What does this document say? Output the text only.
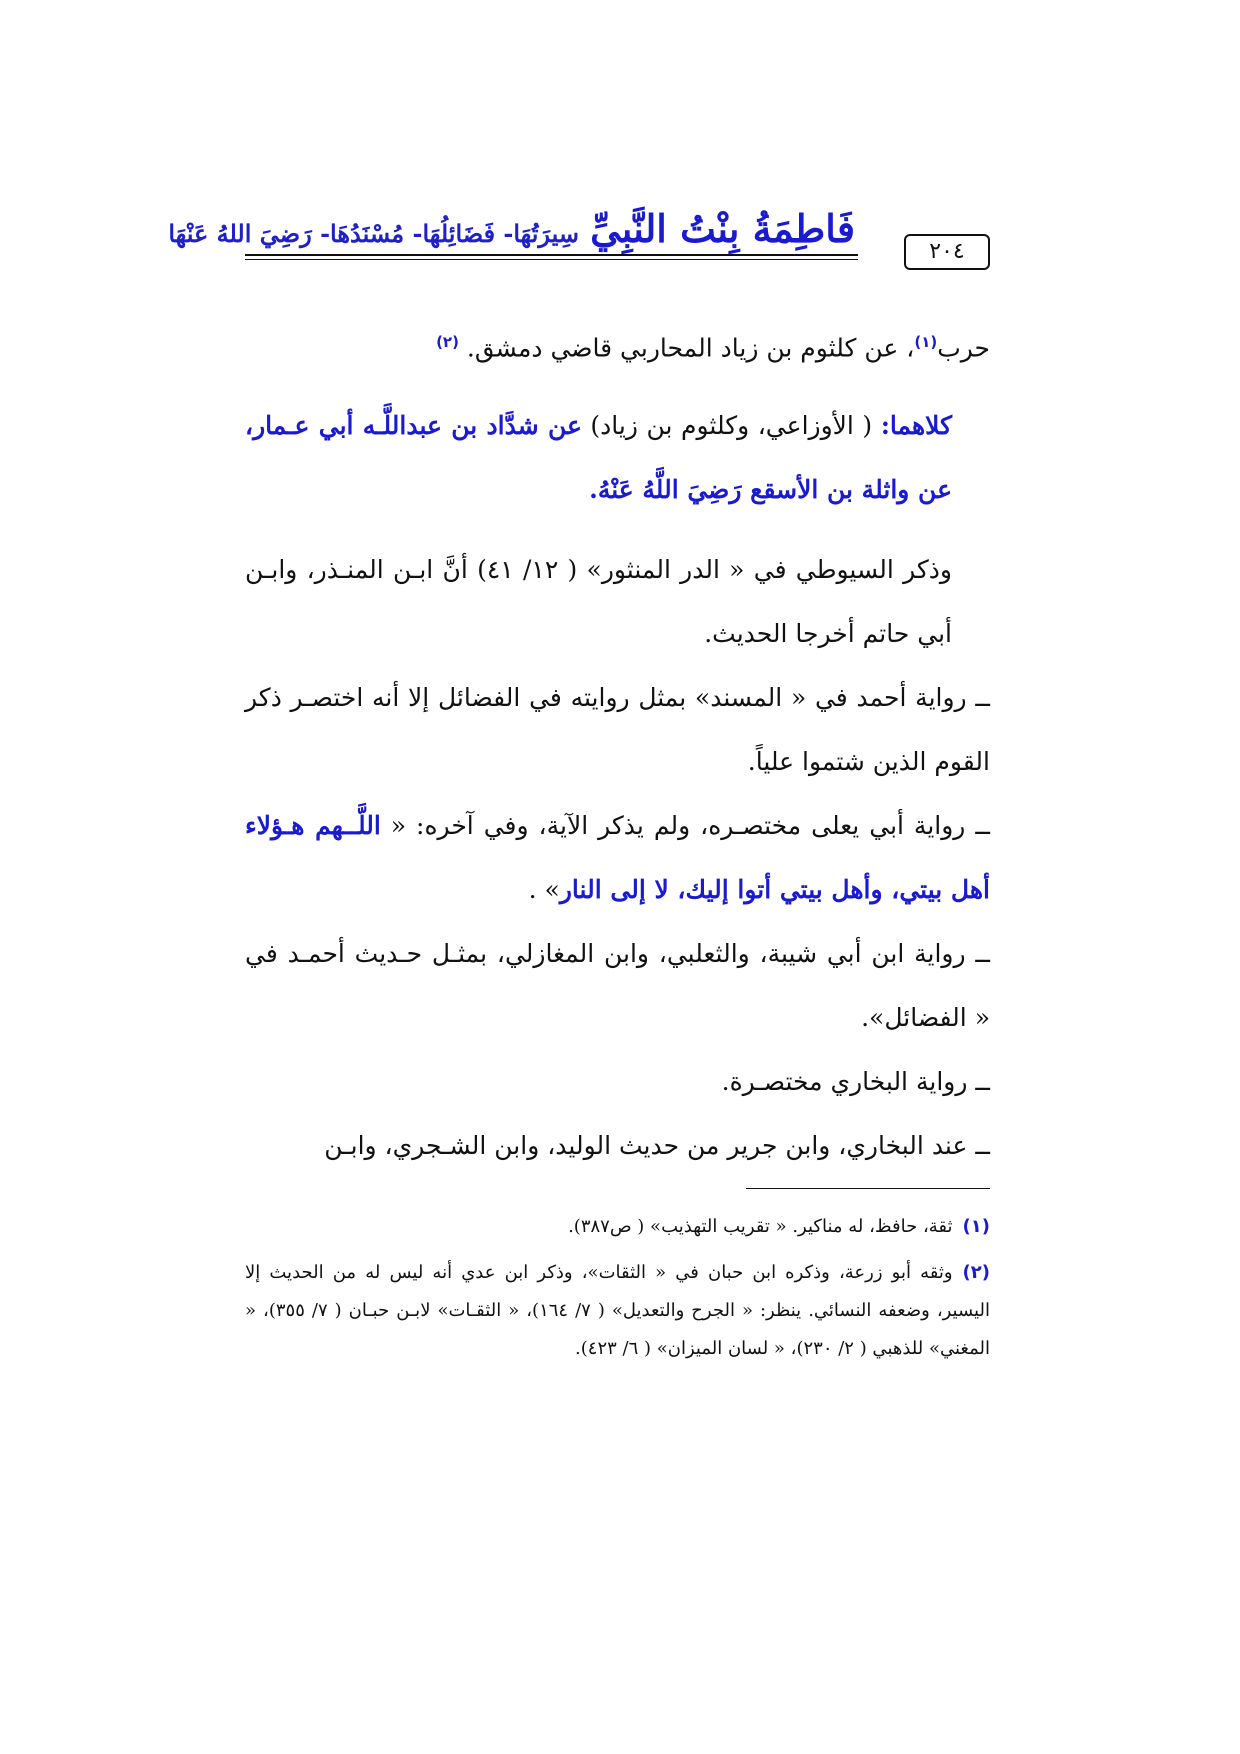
فَاطِمَةُ بِنْتُ النَّبِيِّ سِيرَتُهَا- فَضَائِلُهَا- مُسْنَدُهَا- رَضِيَ اللهُ عَنْهَا
٢٠٤

حرب$^{(١)}$، عن كلثوم بن زياد المحاربي قاضي دمشق. $^{(٢)}$

كلاهما: ( الأوزاعي، وكلثوم بن زياد) عن شدَّاد بن عبداللَّـه أبي عـمار، عن واثلة بن الأسقع رَضِيَ اللَّهُ عَنْهُ.

وذكر السيوطي في « الدر المنثور» ( ١٢/ ٤١) أنَّ ابـن المنـذر، وابـن أبي حاتم أخرجا الحديث.

ــ رواية أحمد في « المسند» بمثل روايته في الفضائل إلا أنه اختصـر ذكر القوم الذين شتموا علياً.

ــ رواية أبي يعلى مختصـره، ولم يذكر الآية، وفي آخره: « اللَّــهم هـؤلاء أهل بيتي، وأهل بيتي أتوا إليك، لا إلى النار» .

ــ رواية ابن أبي شيبة، والثعلبي، وابن المغازلي، بمثـل حـديث أحمـد في « الفضائل».

ــ رواية البخاري مختصـرة.

ــ عند البخاري، وابن جرير من حديث الوليد، وابن الشـجري، وابـن

(١)ثقة، حافظ، له مناكير. « تقريب التهذيب» ( ص٣٨٧).

(٢)وثقه أبو زرعة، وذكره ابن حبان في « الثقات»، وذكر ابن عدي أنه ليس له من الحديث إلا اليسير، وضعفه النسائي. ينظر: « الجرح والتعديل» ( ٧/ ١٦٤)، « الثقـات» لابـن حبـان ( ٧/ ٣٥٥)، « المغني» للذهبي ( ٢/ ٢٣٠)، « لسان الميزان» ( ٦/ ٤٢٣).
